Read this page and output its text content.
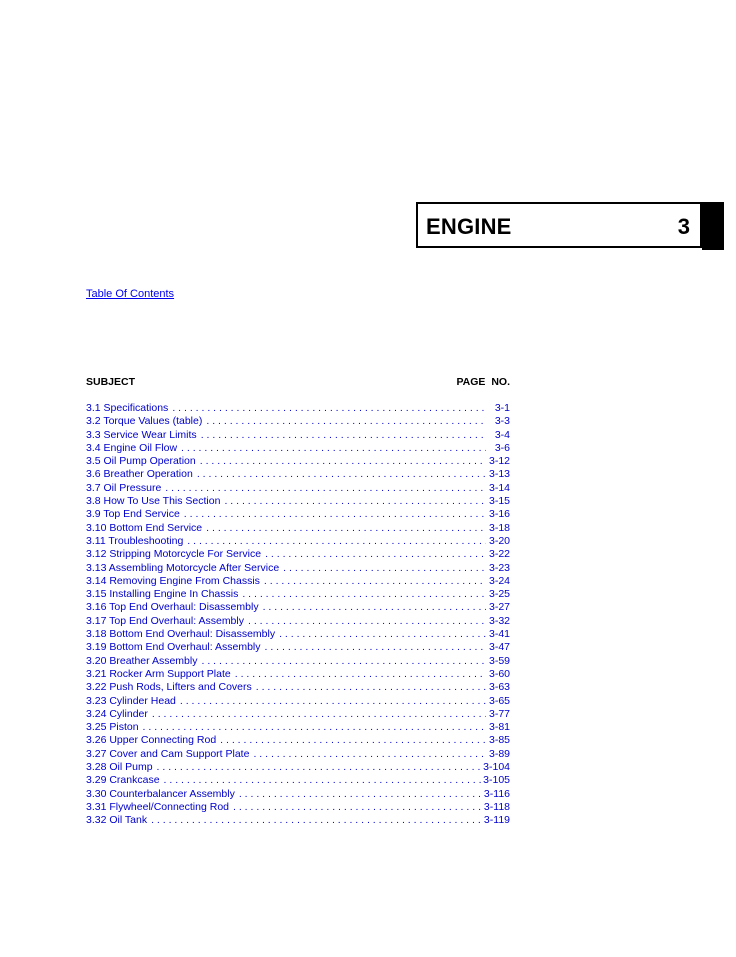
ENGINE	3
Table Of Contents
SUBJECT	PAGE NO.
3.1 Specifications . . .	3-1
3.2 Torque Values (table) . . .	3-3
3.3 Service Wear Limits . . .	3-4
3.4 Engine Oil Flow . . .	3-6
3.5 Oil Pump Operation . . .	3-12
3.6 Breather Operation . . .	3-13
3.7 Oil Pressure . . .	3-14
3.8 How To Use This Section . . .	3-15
3.9 Top End Service . . .	3-16
3.10 Bottom End Service . . .	3-18
3.11 Troubleshooting . . .	3-20
3.12 Stripping Motorcycle For Service . . .	3-22
3.13 Assembling Motorcycle After Service . . .	3-23
3.14 Removing Engine From Chassis . . .	3-24
3.15 Installing Engine In Chassis . . .	3-25
3.16 Top End Overhaul: Disassembly . . .	3-27
3.17 Top End Overhaul: Assembly . . .	3-32
3.18 Bottom End Overhaul: Disassembly . . .	3-41
3.19 Bottom End Overhaul: Assembly . . .	3-47
3.20 Breather Assembly . . .	3-59
3.21 Rocker Arm Support Plate . . .	3-60
3.22 Push Rods, Lifters and Covers . . .	3-63
3.23 Cylinder Head . . .	3-65
3.24 Cylinder . . .	3-77
3.25 Piston . . .	3-81
3.26 Upper Connecting Rod . . .	3-85
3.27 Cover and Cam Support Plate . . .	3-89
3.28 Oil Pump . . .	3-104
3.29 Crankcase . . .	3-105
3.30 Counterbalancer Assembly . . .	3-116
3.31 Flywheel/Connecting Rod . . .	3-118
3.32 Oil Tank . . .	3-119
